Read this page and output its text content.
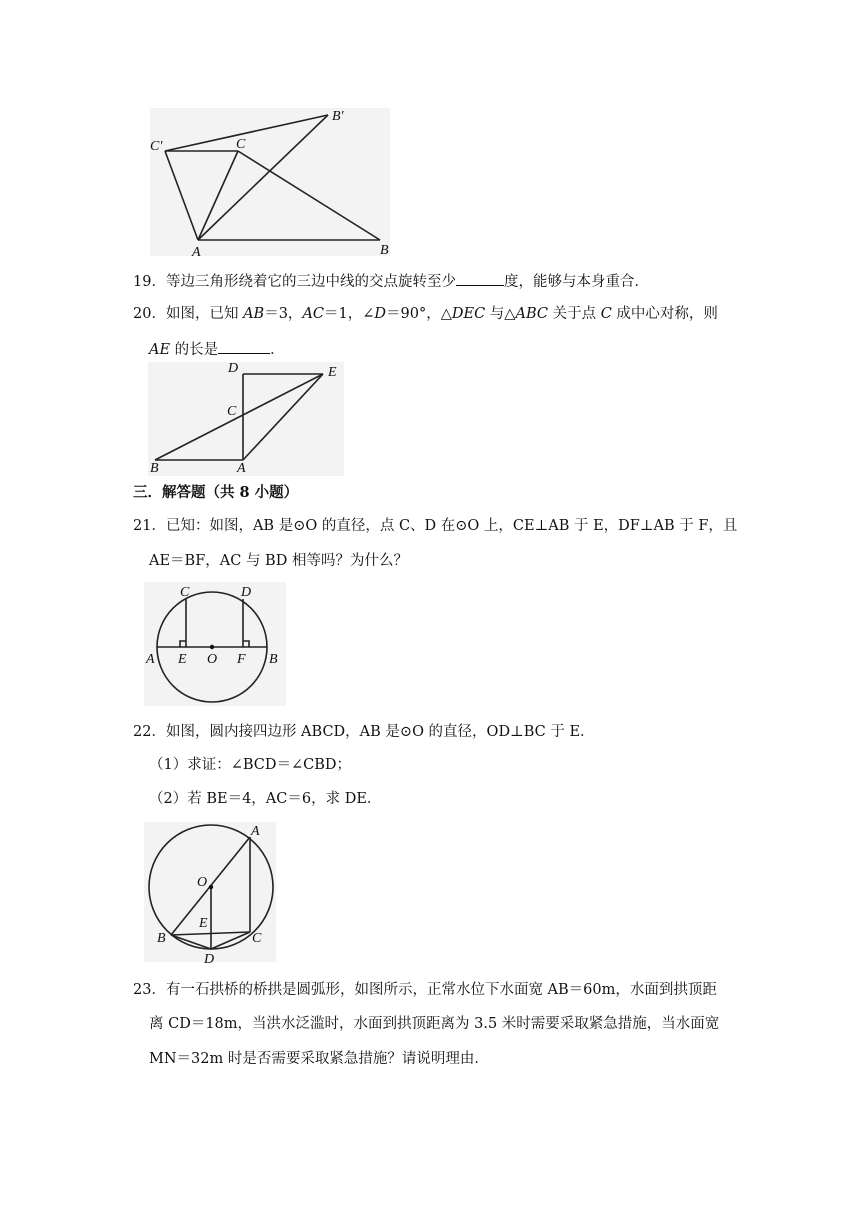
C′
B′
C
A	B
19．等边三角形绕着它的三边中线的交点旋转至少	度，能够与本身重合．
20．如图，已知 AB＝3，AC＝1，∠D＝90°，△DEC 与△ABC 关于点 C 成中心对称，则
AE 的长是	．
D	E
C
B	A
三．解答题（共 8 小题）
21．已知：如图，AB 是⊙O 的直径，点 C、D 在⊙O 上，CE⊥AB 于 E，DF⊥AB 于 F，且
AE＝BF，AC 与 BD 相等吗？为什么？
C	D
A E O F B
22．如图，圆内接四边形 ABCD，AB 是⊙O 的直径，OD⊥BC 于 E．
（1）求证：∠BCD＝∠CBD；
（2）若 BE＝4，AC＝6，求 DE．
A
O
E
B	C
D
23．有一石拱桥的桥拱是圆弧形，如图所示，正常水位下水面宽 AB＝60m，水面到拱顶距
离 CD＝18m，当洪水泛滥时，水面到拱顶距离为 3.5 米时需要采取紧急措施，当水面宽
MN＝32m 时是否需要采取紧急措施？请说明理由．
